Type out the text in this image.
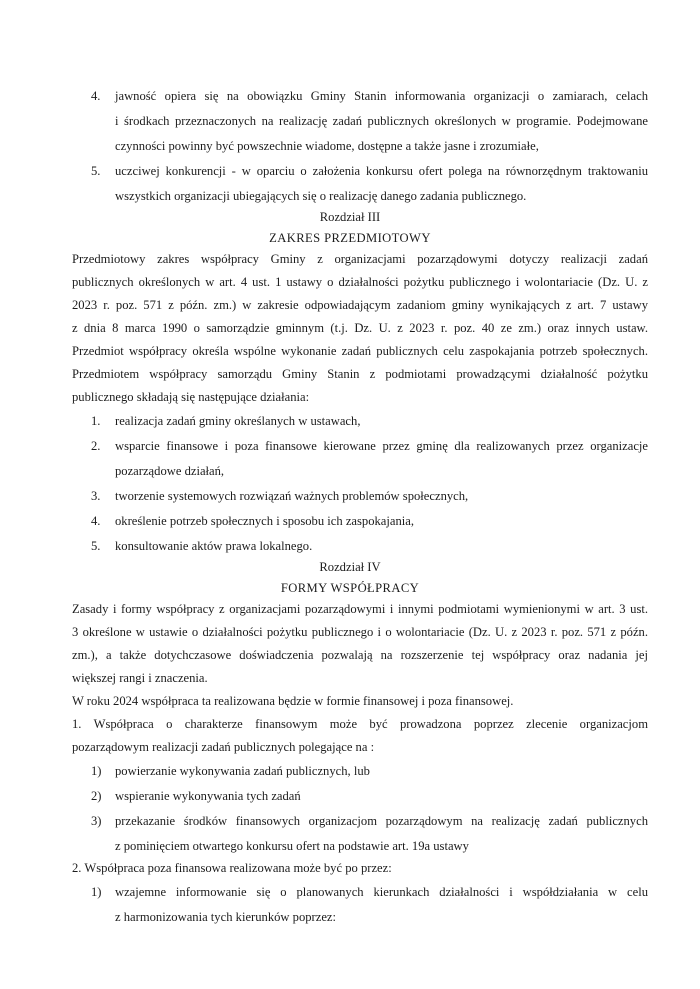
4. jawność opiera się na obowiązku Gminy Stanin informowania organizacji o zamiarach, celach
i środkach przeznaczonych na realizację zadań publicznych określonych w programie. Podejmowane
czynności powinny być powszechnie wiadome, dostępne a także jasne i zrozumiałe,
5. uczciwej konkurencji - w oparciu o założenia konkursu ofert polega na równorzędnym traktowaniu
wszystkich organizacji ubiegających się o realizację danego zadania publicznego.
Rozdział III
ZAKRES PRZEDMIOTOWY
Przedmiotowy zakres współpracy Gminy z organizacjami pozarządowymi dotyczy realizacji zadań
publicznych określonych w art. 4 ust. 1 ustawy o działalności pożytku publicznego i wolontariacie (Dz. U. z
2023 r. poz. 571 z późn. zm.) w zakresie odpowiadającym zadaniom gminy wynikających z art. 7 ustawy
z dnia 8 marca 1990 o samorządzie gminnym (t.j. Dz. U. z 2023 r. poz. 40 ze zm.) oraz innych ustaw.
Przedmiot współpracy określa wspólne wykonanie zadań publicznych celu zaspokajania potrzeb społecznych.
Przedmiotem współpracy samorządu Gminy Stanin z podmiotami prowadzącymi działalność pożytku
publicznego składają się następujące działania:
1. realizacja zadań gminy określanych w ustawach,
2. wsparcie finansowe i poza finansowe kierowane przez gminę dla realizowanych przez organizacje
pozarządowe działań,
3. tworzenie systemowych rozwiązań ważnych problemów społecznych,
4. określenie potrzeb społecznych i sposobu ich zaspokajania,
5. konsultowanie aktów prawa lokalnego.
Rozdział IV
FORMY WSPÓŁPRACY
Zasady i formy współpracy z organizacjami pozarządowymi i innymi podmiotami wymienionymi w art. 3 ust.
3 określone w ustawie o działalności pożytku publicznego i o wolontariacie (Dz. U. z 2023 r. poz. 571 z późn.
zm.), a także dotychczasowe doświadczenia pozwalają na rozszerzenie tej współpracy oraz nadania jej
większej rangi i znaczenia.
W roku 2024 współpraca ta realizowana będzie w formie finansowej i poza finansowej.
1. Współpraca o charakterze finansowym może być prowadzona poprzez zlecenie organizacjom
pozarządowym realizacji zadań publicznych polegające na :
1) powierzanie wykonywania zadań publicznych, lub
2) wspieranie wykonywania tych zadań
3) przekazanie środków finansowych organizacjom pozarządowym na realizację zadań publicznych
z pominięciem otwartego konkursu ofert na podstawie art. 19a ustawy
2. Współpraca poza finansowa realizowana może być po przez:
1) wzajemne informowanie się o planowanych kierunkach działalności i współdziałania w celu
z harmonizowania tych kierunków poprzez:
